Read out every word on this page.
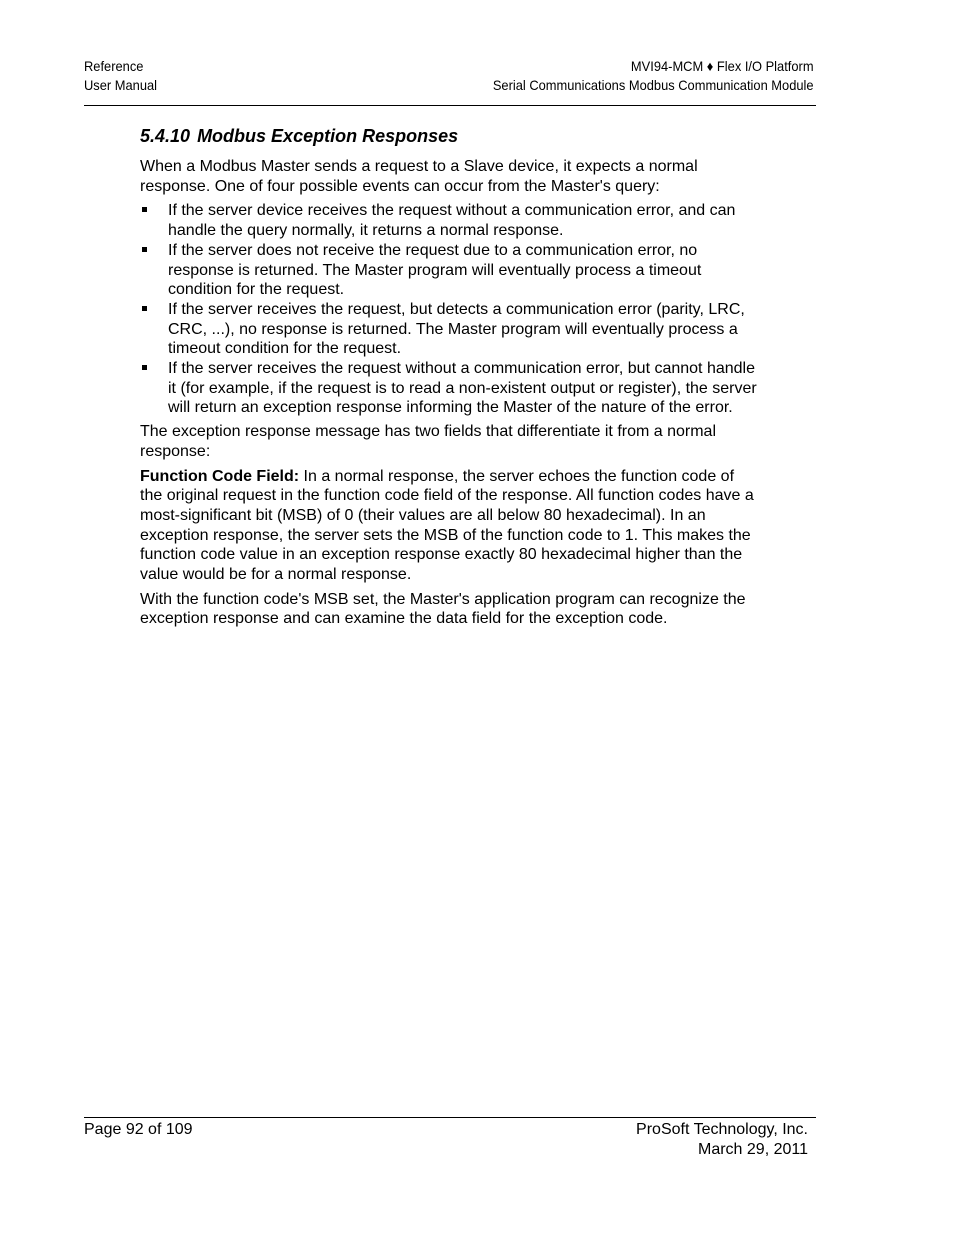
Reference
User Manual
MVI94-MCM ♦ Flex I/O Platform
Serial Communications Modbus Communication Module
5.4.10 Modbus Exception Responses

When a Modbus Master sends a request to a Slave device, it expects a normal response. One of four possible events can occur from the Master's query:

If the server device receives the request without a communication error, and can handle the query normally, it returns a normal response.
If the server does not receive the request due to a communication error, no response is returned. The Master program will eventually process a timeout condition for the request.
If the server receives the request, but detects a communication error (parity, LRC, CRC, ...), no response is returned. The Master program will eventually process a timeout condition for the request.
If the server receives the request without a communication error, but cannot handle it (for example, if the request is to read a non-existent output or register), the server will return an exception response informing the Master of the nature of the error.

The exception response message has two fields that differentiate it from a normal response:

Function Code Field: In a normal response, the server echoes the function code of the original request in the function code field of the response. All function codes have a most-significant bit (MSB) of 0 (their values are all below 80 hexadecimal). In an exception response, the server sets the MSB of the function code to 1. This makes the function code value in an exception response exactly 80 hexadecimal higher than the value would be for a normal response.

With the function code's MSB set, the Master's application program can recognize the exception response and can examine the data field for the exception code.

Page 92 of 109	ProSoft Technology, Inc.
March 29, 2011
